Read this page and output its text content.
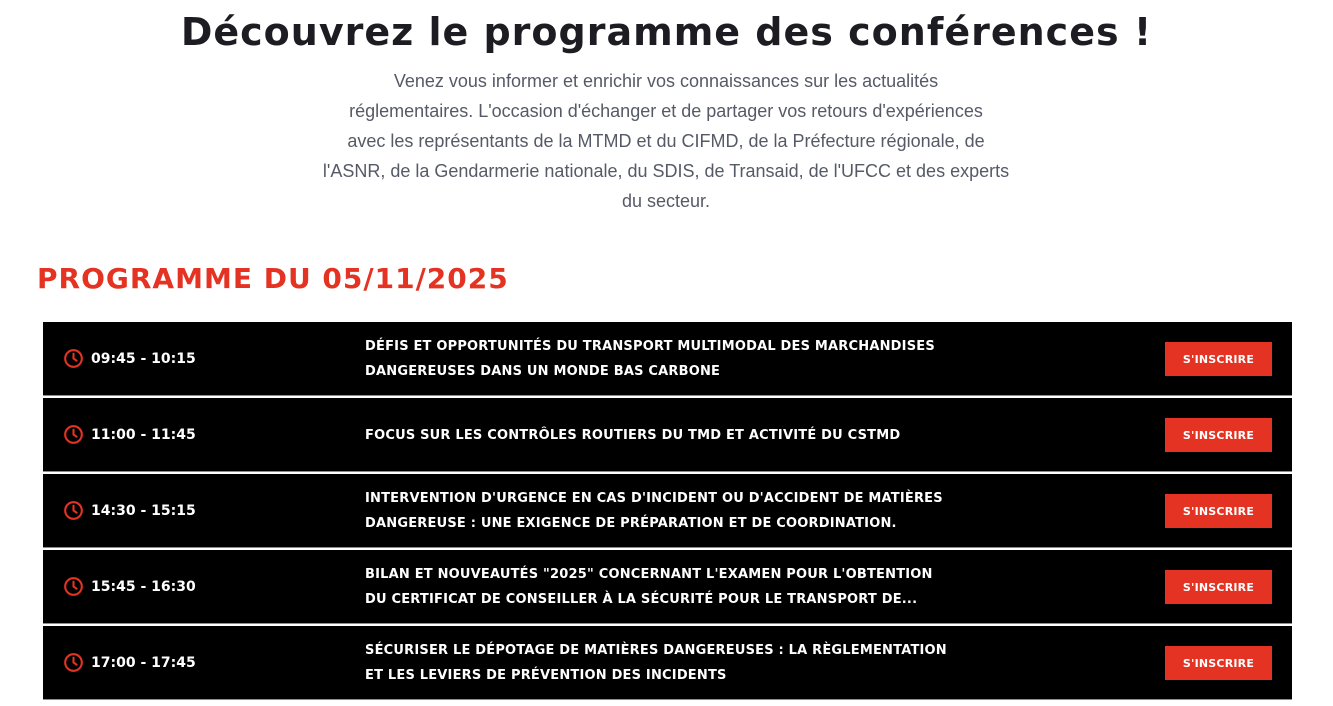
Découvrez le programme des conférences !
Venez vous informer et enrichir vos connaissances sur les actualités
réglementaires. L'occasion d'échanger et de partager vos retours d'expériences
avec les représentants de la MTMD et du CIFMD, de la Préfecture régionale, de
l'ASNR, de la Gendarmerie nationale, du SDIS, de Transaid, de l'UFCC et des experts
du secteur.
PROGRAMME DU 05/11/2025
09:45 - 10:15
DÉFIS ET OPPORTUNITÉS DU TRANSPORT MULTIMODAL DES MARCHANDISES
DANGEREUSES DANS UN MONDE BAS CARBONE
S'INSCRIRE
11:00 - 11:45	FOCUS SUR LES CONTRÔLES ROUTIERS DU TMD ET ACTIVITÉ DU CSTMD	S'INSCRIRE
14:30 - 15:15
INTERVENTION D'URGENCE EN CAS D'INCIDENT OU D'ACCIDENT DE MATIÈRES
DANGEREUSE : UNE EXIGENCE DE PRÉPARATION ET DE COORDINATION.
S'INSCRIRE
15:45 - 16:30
BILAN ET NOUVEAUTÉS "2025" CONCERNANT L'EXAMEN POUR L'OBTENTION
DU CERTIFICAT DE CONSEILLER À LA SÉCURITÉ POUR LE TRANSPORT DE...
S'INSCRIRE
17:00 - 17:45
SÉCURISER LE DÉPOTAGE DE MATIÈRES DANGEREUSES : LA RÈGLEMENTATION
ET LES LEVIERS DE PRÉVENTION DES INCIDENTS
S'INSCRIRE
